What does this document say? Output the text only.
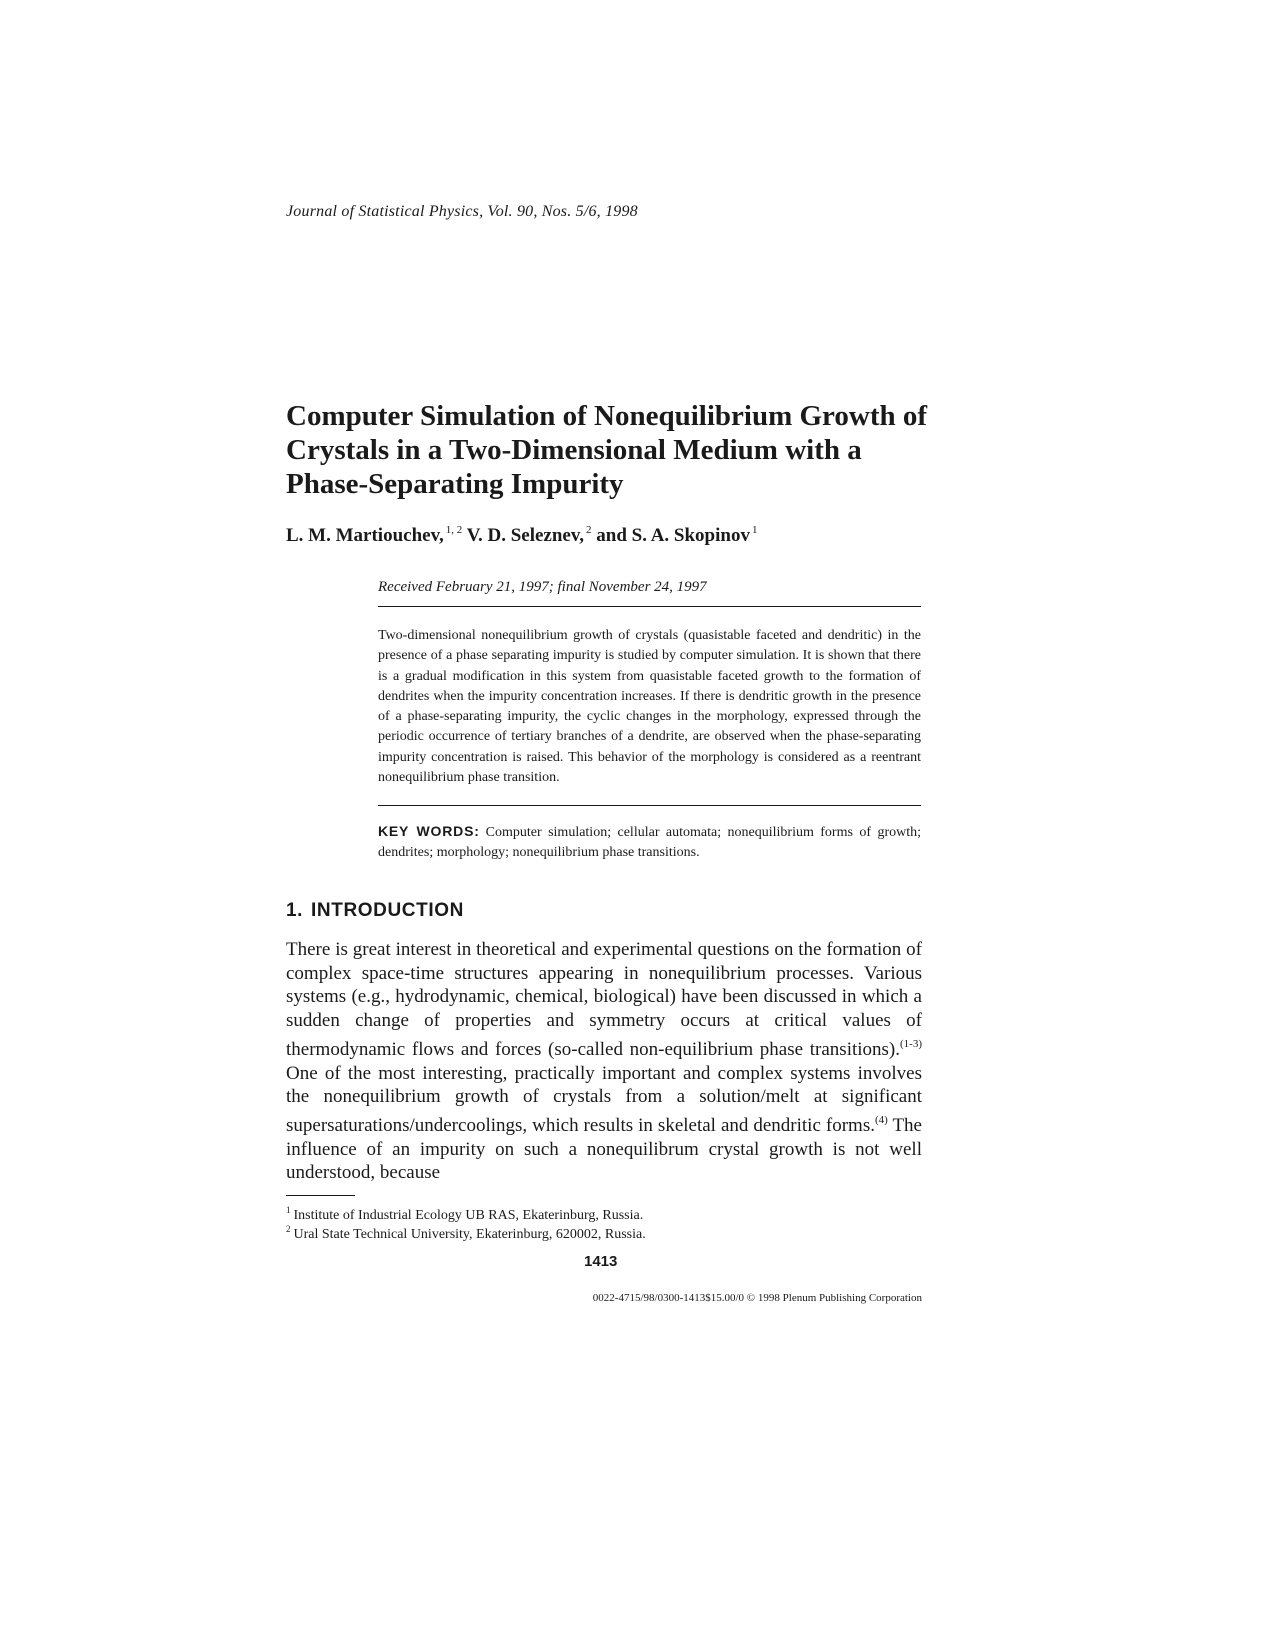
Journal of Statistical Physics, Vol. 90, Nos. 5/6, 1998
Computer Simulation of Nonequilibrium Growth of Crystals in a Two-Dimensional Medium with a Phase-Separating Impurity
L. M. Martiouchev, $^{1, 2}$ V. D. Seleznev, $^2$ and S. A. Skopinov $^1$
Received February 21, 1997; final November 24, 1997

Two-dimensional nonequilibrium growth of crystals (quasistable faceted and dendritic) in the presence of a phase separating impurity is studied by computer simulation. It is shown that there is a gradual modification in this system from quasistable faceted growth to the formation of dendrites when the impurity concentration increases. If there is dendritic growth in the presence of a phase-separating impurity, the cyclic changes in the morphology, expressed through the periodic occurrence of tertiary branches of a dendrite, are observed when the phase-separating impurity concentration is raised. This behavior of the morphology is considered as a reentrant nonequilibrium phase transition.

KEY WORDS: Computer simulation; cellular automata; nonequilibrium forms of growth; dendrites; morphology; nonequilibrium phase transitions.

1. INTRODUCTION

There is great interest in theoretical and experimental questions on the formation of complex space-time structures appearing in nonequilibrium processes. Various systems (e.g., hydrodynamic, chemical, biological) have been discussed in which a sudden change of properties and symmetry occurs at critical values of thermodynamic flows and forces (so-called non-equilibrium phase transitions).$^{(1-3)}$ One of the most interesting, practically important and complex systems involves the nonequilibrium growth of crystals from a solution/melt at significant supersaturations/undercoolings, which results in skeletal and dendritic forms.$^{(4)}$ The influence of an impurity on such a nonequilibrum crystal growth is not well understood, because

$^1$ Institute of Industrial Ecology UB RAS, Ekaterinburg, Russia.
$^2$ Ural State Technical University, Ekaterinburg, 620002, Russia.
1413
0022-4715/98/0300-1413$15.00/0 © 1998 Plenum Publishing Corporation
